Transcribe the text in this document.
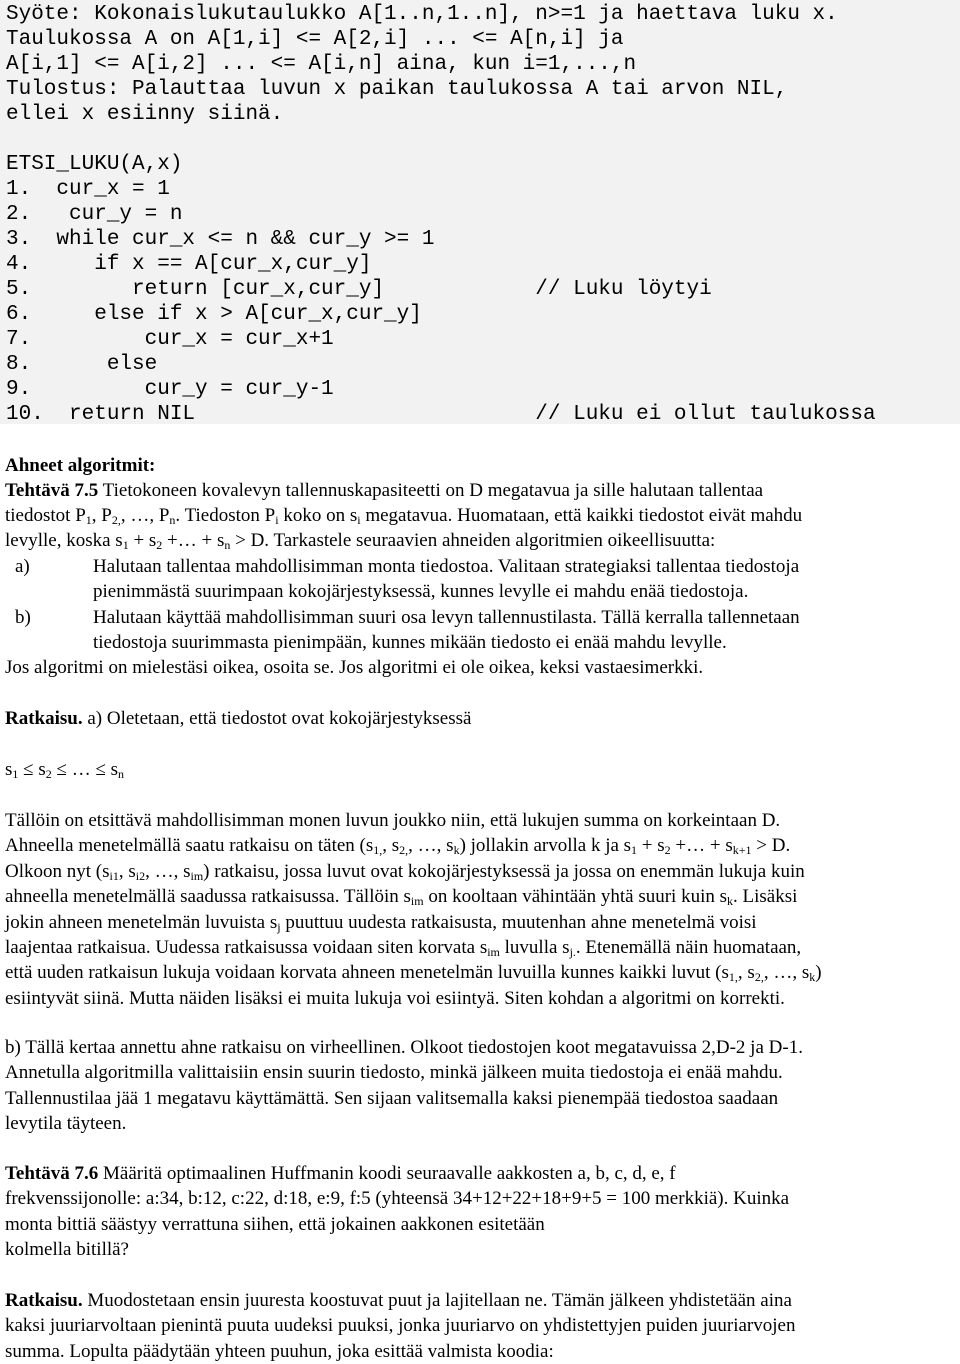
Syöte: Kokonaislukutaulukko A[1..n,1..n], n>=1 ja haettava luku x.
Taulukossa A on A[1,i] <= A[2,i] ... <= A[n,i] ja
A[i,1] <= A[i,2] ... <= A[i,n] aina, kun i=1,...,n
Tulostus: Palauttaa luvun x paikan taulukossa A tai arvon NIL,
ellei x esiinny siinä.
ETSI_LUKU(A,x)
1.  cur_x = 1
2.   cur_y = n
3.  while cur_x <= n && cur_y >= 1
4.     if x == A[cur_x,cur_y]
5.        return [cur_x,cur_y]            // Luku löytyi
6.     else if x > A[cur_x,cur_y]
7.         cur_x = cur_x+1
8.      else
9.         cur_y = cur_y-1
10.  return NIL                           // Luku ei ollut taulukossa
Ahneet algoritmit:
Tehtävä 7.5 Tietokoneen kovalevyn tallennuskapasiteetti on D megatavua ja sille halutaan tallentaa
tiedostot $P_1$, $P_{2,}$, …, $P_n$. Tiedoston $P_i$ koko on $s_i$ megatavua. Huomataan, että kaikki tiedostot eivät mahdu
levylle, koska $s_1 + s_2$ +… + $s_n > D$. Tarkastele seuraavien ahneiden algoritmien oikeellisuutta:
a)	Halutaan tallentaa mahdollisimman monta tiedostoa. Valitaan strategiaksi tallentaa tiedostoja
pienimmästä suurimpaan kokojärjestyksessä, kunnes levylle ei mahdu enää tiedostoja.
b)	Halutaan käyttää mahdollisimman suuri osa levyn tallennustilasta. Tällä kerralla tallennetaan
tiedostoja suurimmasta pienimpään, kunnes mikään tiedosto ei enää mahdu levylle.
Jos algoritmi on mielestäsi oikea, osoita se. Jos algoritmi ei ole oikea, keksi vastaesimerkki.
Ratkaisu. a) Oletetaan, että tiedostot ovat kokojärjestyksessä
$s_1 \le s_2$ ≤ … ≤ $s_n$
Tällöin on etsittävä mahdollisimman monen luvun joukko niin, että lukujen summa on korkeintaan D.
Ahneella menetelmällä saatu ratkaisu on täten ($s_{1,}$, $s_{2,}$, …, $s_k$) jollakin arvolla k ja $s_1 + s_2$ +… + $s_{k+1} > D$.
Olkoon nyt ($s_{i1}$, $s_{i2}$, …, $s_{im}$) ratkaisu, jossa luvut ovat kokojärjestyksessä ja jossa on enemmän lukuja kuin
ahneella menetelmällä saadussa ratkaisussa. Tällöin $s_{im}$ on kooltaan vähintään yhtä suuri kuin $s_k$. Lisäksi
jokin ahneen menetelmän luvuista $s_j$ puuttuu uudesta ratkaisusta, muutenhan ahne menetelmä voisi
laajentaa ratkaisua. Uudessa ratkaisussa voidaan siten korvata $s_{im}$ luvulla $s_{j.}$. Etenemällä näin huomataan,
että uuden ratkaisun lukuja voidaan korvata ahneen menetelmän luvuilla kunnes kaikki luvut ($s_{1,}$, $s_{2,}$, …, $s_k$)
esiintyvät siinä. Mutta näiden lisäksi ei muita lukuja voi esiintyä. Siten kohdan a algoritmi on korrekti.
b) Tällä kertaa annettu ahne ratkaisu on virheellinen. Olkoot tiedostojen koot megatavuissa 2,D-2 ja D-1.
Annetulla algoritmilla valittaisiin ensin suurin tiedosto, minkä jälkeen muita tiedostoja ei enää mahdu.
Tallennustilaa jää 1 megatavu käyttämättä. Sen sijaan valitsemalla kaksi pienempää tiedostoa saadaan
levytila täyteen.
Tehtävä 7.6 Määritä optimaalinen Huffmanin koodi seuraavalle aakkosten a, b, c, d, e, f
frekvenssijonolle: a:34, b:12, c:22, d:18, e:9, f:5 (yhteensä 34+12+22+18+9+5 = 100 merkkiä). Kuinka
monta bittiä säästyy verrattuna siihen, että jokainen aakkonen esitetään
kolmella bitillä?
Ratkaisu. Muodostetaan ensin juuresta koostuvat puut ja lajitellaan ne. Tämän jälkeen yhdistetään aina
kaksi juuriarvoltaan pienintä puuta uudeksi puuksi, jonka juuriarvo on yhdistettyjen puiden juuriarvojen
summa. Lopulta päädytään yhteen puuhun, joka esittää valmista koodia:
